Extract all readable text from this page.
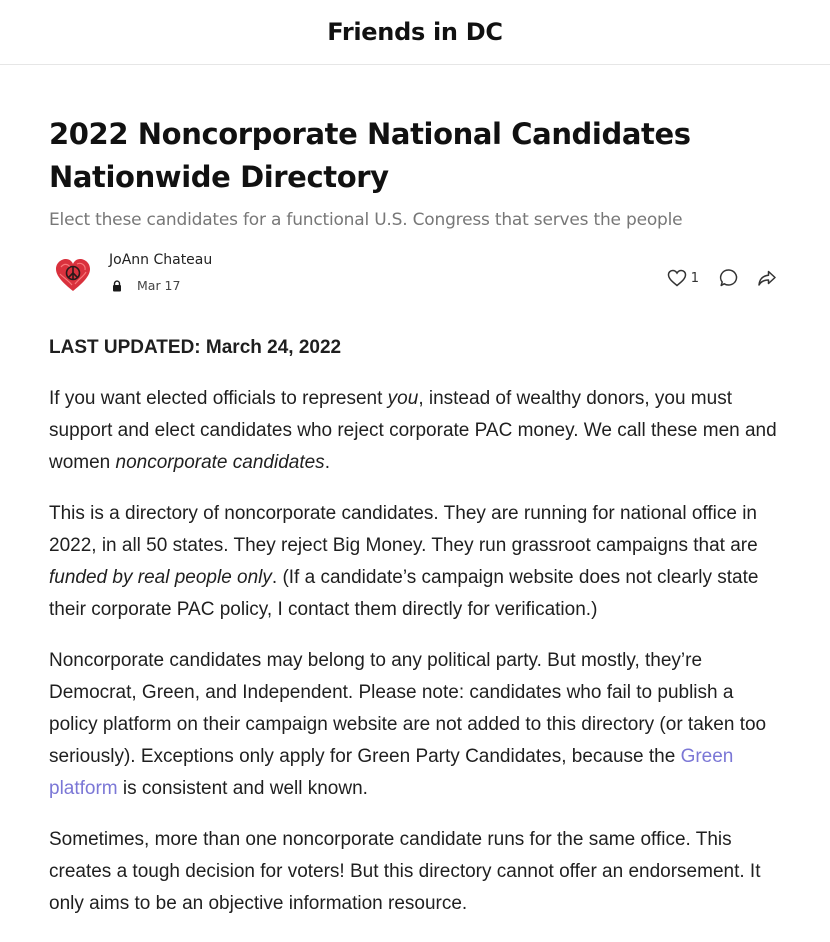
Friends in DC
2022 Noncorporate National Candidates
Nationwide Directory
Elect these candidates for a functional U.S. Congress that serves the people
JoAnn Chateau
Mar 17	1

LAST UPDATED: March 24, 2022

If you want elected officials to represent you, instead of wealthy donors, you must support and elect candidates who reject corporate PAC money. We call these men and women noncorporate candidates.

This is a directory of noncorporate candidates. They are running for national office in 2022, in all 50 states. They reject Big Money. They run grassroot campaigns that are funded by real people only. (If a candidate’s campaign website does not clearly state their corporate PAC policy, I contact them directly for verification.)

Noncorporate candidates may belong to any political party. But mostly, they’re Democrat, Green, and Independent. Please note: candidates who fail to publish a policy platform on their campaign website are not added to this directory (or taken too seriously). Exceptions only apply for Green Party Candidates, because the Green platform is consistent and well known.

Sometimes, more than one noncorporate candidate runs for the same office. This creates a tough decision for voters! But this directory cannot offer an endorsement. It only aims to be an objective information resource.
